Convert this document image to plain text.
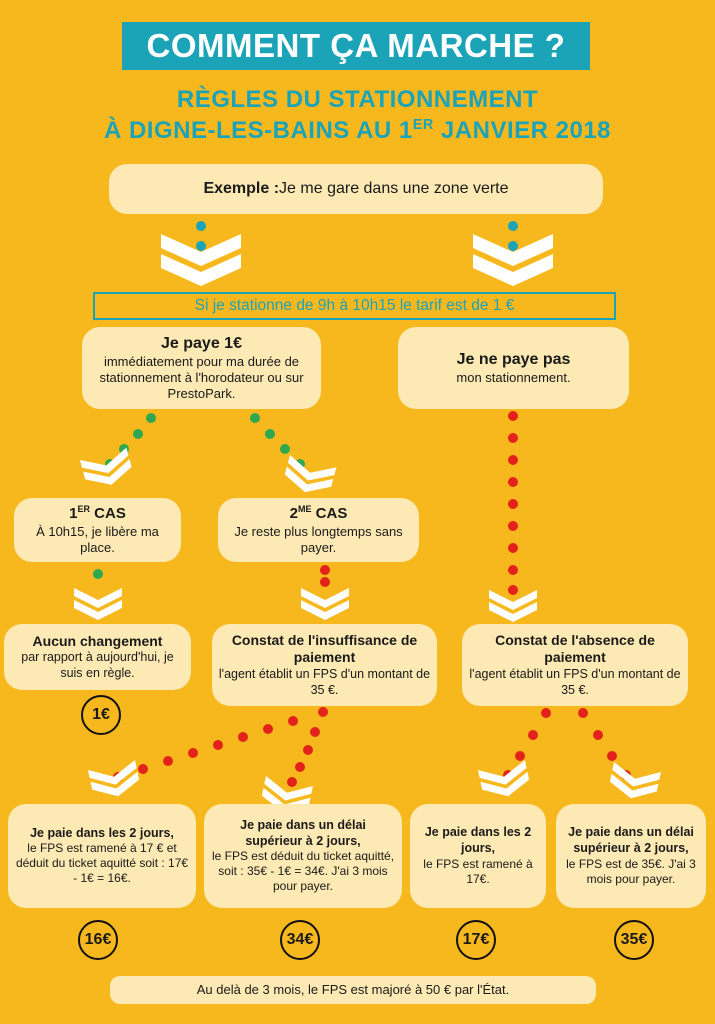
COMMENT ÇA MARCHE ?
RÈGLES DU STATIONNEMENT
À DIGNE-LES-BAINS AU 1ER JANVIER 2018
Exemple : Je me gare dans une zone verte
Si je stationne de 9h à 10h15 le tarif est de 1 €
Je paye 1€
immédiatement pour ma durée de stationnement à l'horodateur ou sur PrestoPark.
Je ne paye pas
mon stationnement.
1ER CAS
À 10h15, je libère ma place.
$2^{ME}$ CAS
Je reste plus longtemps sans payer.
Aucun changement
par rapport à aujourd'hui, je suis en règle.
Constat de l'insuffisance de paiement
l'agent établit un FPS d'un montant de 35 €.
Constat de l'absence de paiement
l'agent établit un FPS d'un montant de 35 €.
1€
Je paie dans les 2 jours,
le FPS est ramené à 17 € et déduit du ticket aquitté soit : 17€ - 1€ = 16€.
Je paie dans un délai supérieur à 2 jours,
le FPS est déduit du ticket aquitté, soit : 35€ - 1€ = 34€. J'ai 3 mois pour payer.
Je paie dans les 2 jours,
le FPS est ramené à 17€.
Je paie dans un délai supérieur à 2 jours,
le FPS est de 35€. J'ai 3 mois pour payer.
16€	34€	17€	35€
Au delà de 3 mois, le FPS est majoré à 50 € par l'État.
